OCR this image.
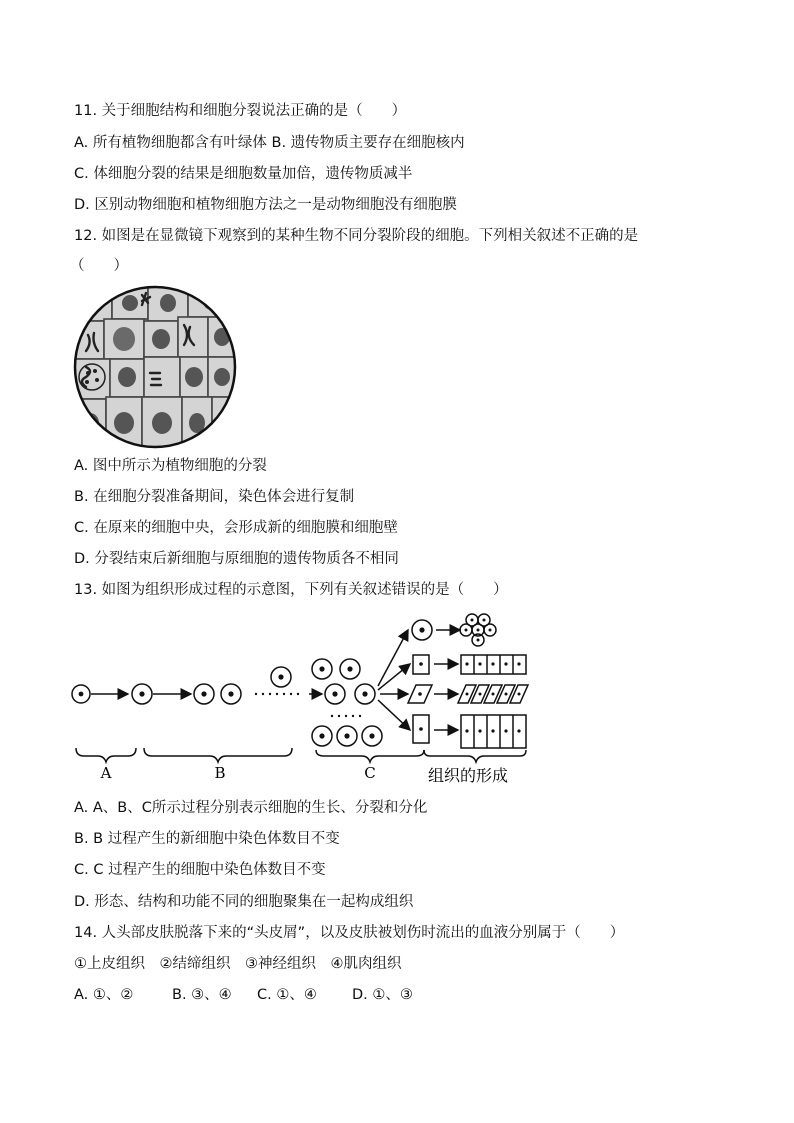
11. 关于细胞结构和细胞分裂说法正确的是（　　）
A. 所有植物细胞都含有叶绿体 B. 遗传物质主要存在细胞核内
C. 体细胞分裂的结果是细胞数量加倍，遗传物质减半
D. 区别动物细胞和植物细胞方法之一是动物细胞没有细胞膜
12. 如图是在显微镜下观察到的某种生物不同分裂阶段的细胞。下列相关叙述不正确的是
（　　）
A. 图中所示为植物细胞的分裂
B. 在细胞分裂准备期间，染色体会进行复制
C. 在原来的细胞中央，会形成新的细胞膜和细胞壁
D. 分裂结束后新细胞与原细胞的遗传物质各不相同
13. 如图为组织形成过程的示意图，下列有关叙述错误的是（　　）
A	B	C	组织的形成
A. A、B、C所示过程分别表示细胞的生长、分裂和分化
B. B 过程产生的新细胞中染色体数目不变
C. C 过程产生的细胞中染色体数目不变
D. 形态、结构和功能不同的细胞聚集在一起构成组织
14. 人头部皮肤脱落下来的“头皮屑”，以及皮肤被划伤时流出的血液分别属于（　　）
①上皮组织　②结缔组织　③神经组织　④肌肉组织
A. ①、②	B. ③、④ C. ①、④ D. ①、③
